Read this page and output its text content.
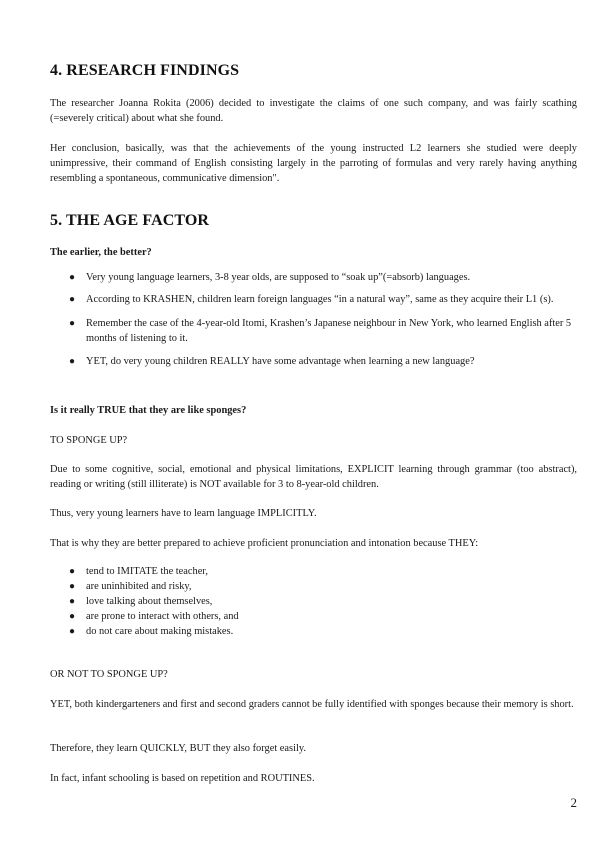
4. RESEARCH FINDINGS

The researcher Joanna Rokita (2006) decided to investigate the claims of one such company, and was fairly scathing (=severely critical) about what she found.

Her conclusion, basically, was that the achievements of the young instructed L2 learners she studied were deeply unimpressive, their command of English consisting largely in the parroting of formulas and very rarely having anything resembling a spontaneous, communicative dimension".

5. THE AGE FACTOR

The earlier, the better?

● Very young language learners, 3-8 year olds, are supposed to “soak up”(=absorb) languages.
● According to KRASHEN, children learn foreign languages “in a natural way”, same as they acquire their L1 (s).
● Remember the case of the 4-year-old Itomi, Krashen’s Japanese neighbour in New York, who learned English after 5 months of listening to it.
● YET, do very young children REALLY have some advantage when learning a new language?

Is it really TRUE that they are like sponges?

TO SPONGE UP?

Due to some cognitive, social, emotional and physical limitations, EXPLICIT learning through grammar (too abstract), reading or writing (still illiterate) is NOT available for 3 to 8-year-old children.

Thus, very young learners have to learn language IMPLICITLY.

That is why they are better prepared to achieve proficient pronunciation and intonation because THEY:

● tend to IMITATE the teacher,
● are uninhibited and risky,
● love talking about themselves,
● are prone to interact with others, and
● do not care about making mistakes.

OR NOT TO SPONGE UP?

YET, both kindergarteners and first and second graders cannot be fully identified with sponges because their memory is short.

Therefore, they learn QUICKLY, BUT they also forget easily.

In fact, infant schooling is based on repetition and ROUTINES.

2
